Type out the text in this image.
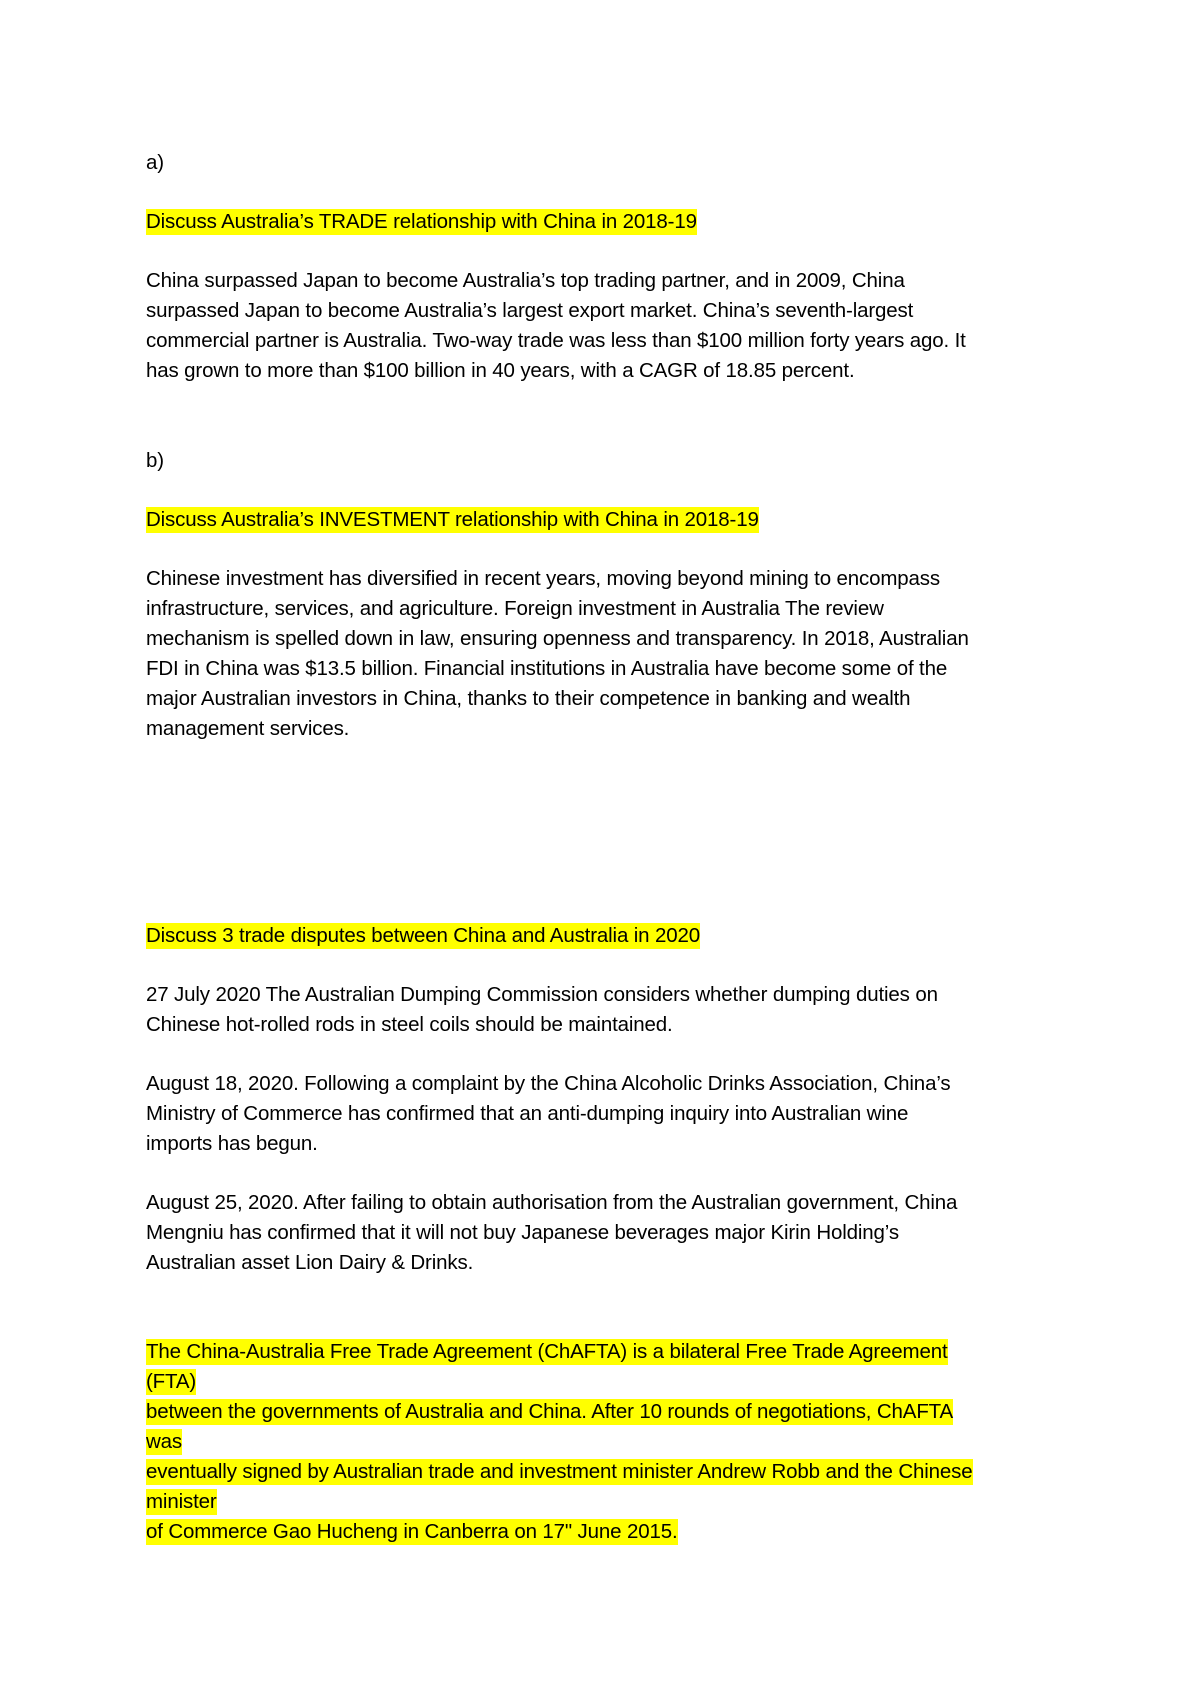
a)
Discuss Australia’s TRADE relationship with China in 2018-19
China surpassed Japan to become Australia’s top trading partner, and in 2009, China
surpassed Japan to become Australia’s largest export market. China’s seventh-largest
commercial partner is Australia. Two-way trade was less than $100 million forty years ago. It
has grown to more than $100 billion in 40 years, with a CAGR of 18.85 percent.
b)
Discuss Australia’s INVESTMENT relationship with China in 2018-19
Chinese investment has diversified in recent years, moving beyond mining to encompass
infrastructure, services, and agriculture. Foreign investment in Australia The review
mechanism is spelled down in law, ensuring openness and transparency. In 2018, Australian
FDI in China was $13.5 billion. Financial institutions in Australia have become some of the
major Australian investors in China, thanks to their competence in banking and wealth
management services.
Discuss 3 trade disputes between China and Australia in 2020
27 July 2020 The Australian Dumping Commission considers whether dumping duties on
Chinese hot-rolled rods in steel coils should be maintained.
August 18, 2020. Following a complaint by the China Alcoholic Drinks Association, China’s
Ministry of Commerce has confirmed that an anti-dumping inquiry into Australian wine
imports has begun.
August 25, 2020. After failing to obtain authorisation from the Australian government, China
Mengniu has confirmed that it will not buy Japanese beverages major Kirin Holding’s
Australian asset Lion Dairy & Drinks.
The China-Australia Free Trade Agreement (ChAFTA) is a bilateral Free Trade Agreement
(FTA)
between the governments of Australia and China. After 10 rounds of negotiations, ChAFTA
was
eventually signed by Australian trade and investment minister Andrew Robb and the Chinese
minister
of Commerce Gao Hucheng in Canberra on 17" June 2015.
